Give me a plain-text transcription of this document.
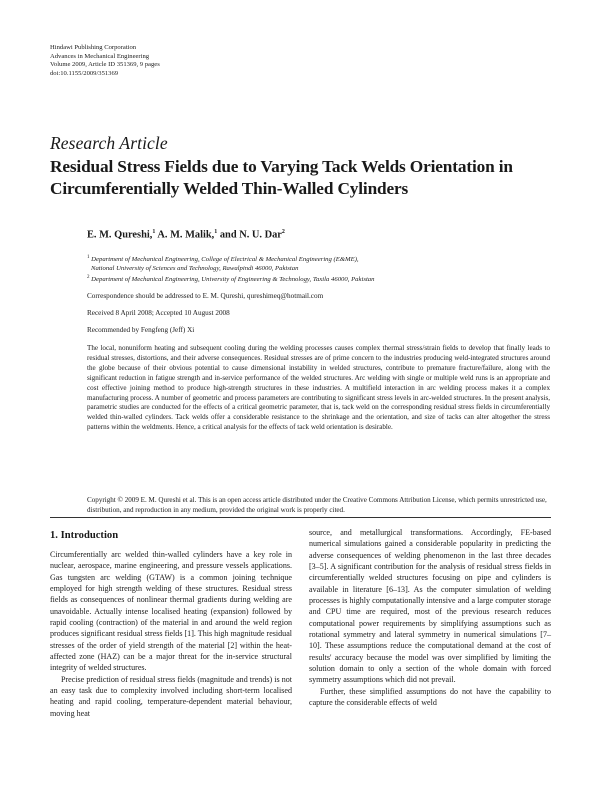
Hindawi Publishing Corporation
Advances in Mechanical Engineering
Volume 2009, Article ID 351369, 9 pages
doi:10.1155/2009/351369
Research Article
Residual Stress Fields due to Varying Tack Welds Orientation in Circumferentially Welded Thin-Walled Cylinders
E. M. Qureshi,$^1$ A. M. Malik,$^1$ and N. U. Dar$^2$
$^1$ Department of Mechanical Engineering, College of Electrical & Mechanical Engineering (E&ME),
National University of Sciences and Technology, Rawalpindi 46000, Pakistan
$^2$ Department of Mechanical Engineering, University of Engineering & Technology, Taxila 46000, Pakistan
Correspondence should be addressed to E. M. Qureshi, qureshimeq@hotmail.com
Received 8 April 2008; Accepted 10 August 2008
Recommended by Fengfeng (Jeff) Xi
The local, nonuniform heating and subsequent cooling during the welding processes causes complex thermal stress/strain fields to develop that finally leads to residual stresses, distortions, and their adverse consequences. Residual stresses are of prime concern to the industries producing weld-integrated structures around the globe because of their obvious potential to cause dimensional instability in welded structures, contribute to premature fracture/failure, along with the significant reduction in fatigue strength and in-service performance of the welded structures. Arc welding with single or multiple weld runs is an appropriate and cost effective joining method to produce high-strength structures in these industries. A multifield interaction in arc welding process makes it a complex manufacturing process. A number of geometric and process parameters are contributing to significant stress levels in arc-welded structures. In the present analysis, parametric studies are conducted for the effects of a critical geometric parameter, that is, tack weld on the corresponding residual stress fields in circumferentially welded thin-walled cylinders. Tack welds offer a considerable resistance to the shrinkage and the orientation, and size of tacks can alter altogether the stress patterns within the weldments. Hence, a critical analysis for the effects of tack weld orientation is desirable.
Copyright © 2009 E. M. Qureshi et al. This is an open access article distributed under the Creative Commons Attribution License, which permits unrestricted use, distribution, and reproduction in any medium, provided the original work is properly cited.
1. Introduction

Circumferentially arc welded thin-walled cylinders have a key role in nuclear, aerospace, marine engineering, and pressure vessels applications. Gas tungsten arc welding (GTAW) is a common joining technique employed for high strength welding of these structures. Residual stress fields as consequences of nonlinear thermal gradients during welding are unavoidable. Actually intense localised heating (expansion) followed by rapid cooling (contraction) of the material in and around the weld region produces significant residual stress fields [1]. This high magnitude residual stresses of the order of yield strength of the material [2] within the heat-affected zone (HAZ) can be a major threat for the in-service structural integrity of welded structures.

Precise prediction of residual stress fields (magnitude and trends) is not an easy task due to complexity involved including short-term localised heating and rapid cooling, temperature-dependent material behaviour, moving heat

source, and metallurgical transformations. Accordingly, FE-based numerical simulations gained a considerable popularity in predicting the adverse consequences of welding phenomenon in the last three decades [3–5]. A significant contribution for the analysis of residual stress fields in circumferentially welded structures focusing on pipe and cylinders is available in literature [6–13]. As the computer simulation of welding processes is highly computationally intensive and a large computer storage and CPU time are required, most of the previous research reduces computational power requirements by simplifying assumptions such as rotational symmetry and lateral symmetry in numerical simulations [7–10]. These assumptions reduce the computational demand at the cost of results' accuracy because the model was over simplified by limiting the solution domain to only a section of the whole domain with forced symmetry assumptions which did not prevail.

Further, these simplified assumptions do not have the capability to capture the considerable effects of weld
